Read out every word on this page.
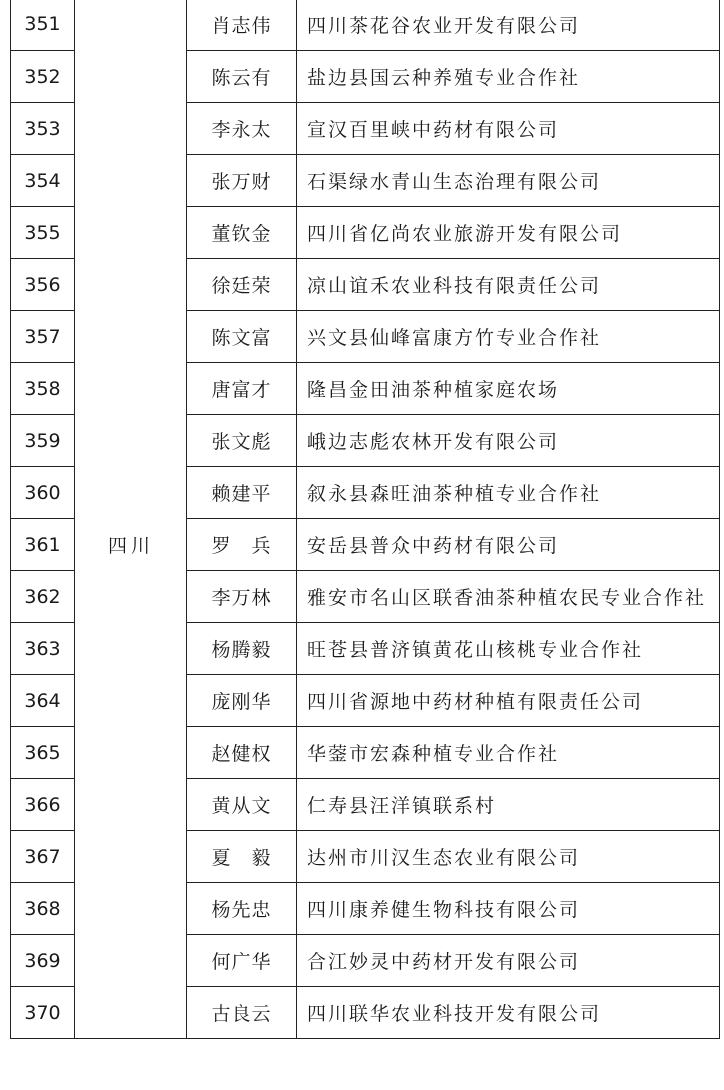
四川
351	肖志伟	四川茶花谷农业开发有限公司
352	陈云有	盐边县国云种养殖专业合作社
353	李永太	宣汉百里峡中药材有限公司
354	张万财	石渠绿水青山生态治理有限公司
355	董钦金	四川省亿尚农业旅游开发有限公司
356	徐廷荣	凉山谊禾农业科技有限责任公司
357	陈文富	兴文县仙峰富康方竹专业合作社
358	唐富才	隆昌金田油茶种植家庭农场
359	张文彪	峨边志彪农林开发有限公司
360	赖建平	叙永县森旺油茶种植专业合作社
361	罗　兵	安岳县普众中药材有限公司
362	李万林	雅安市名山区联香油茶种植农民专业合作社
363	杨腾毅	旺苍县普济镇黄花山核桃专业合作社
364	庞刚华	四川省源地中药材种植有限责任公司
365	赵健权	华蓥市宏森种植专业合作社
366	黄从文	仁寿县汪洋镇联系村
367	夏　毅	达州市川汉生态农业有限公司
368	杨先忠	四川康养健生物科技有限公司
369	何广华	合江妙灵中药材开发有限公司
370	古良云	四川联华农业科技开发有限公司
